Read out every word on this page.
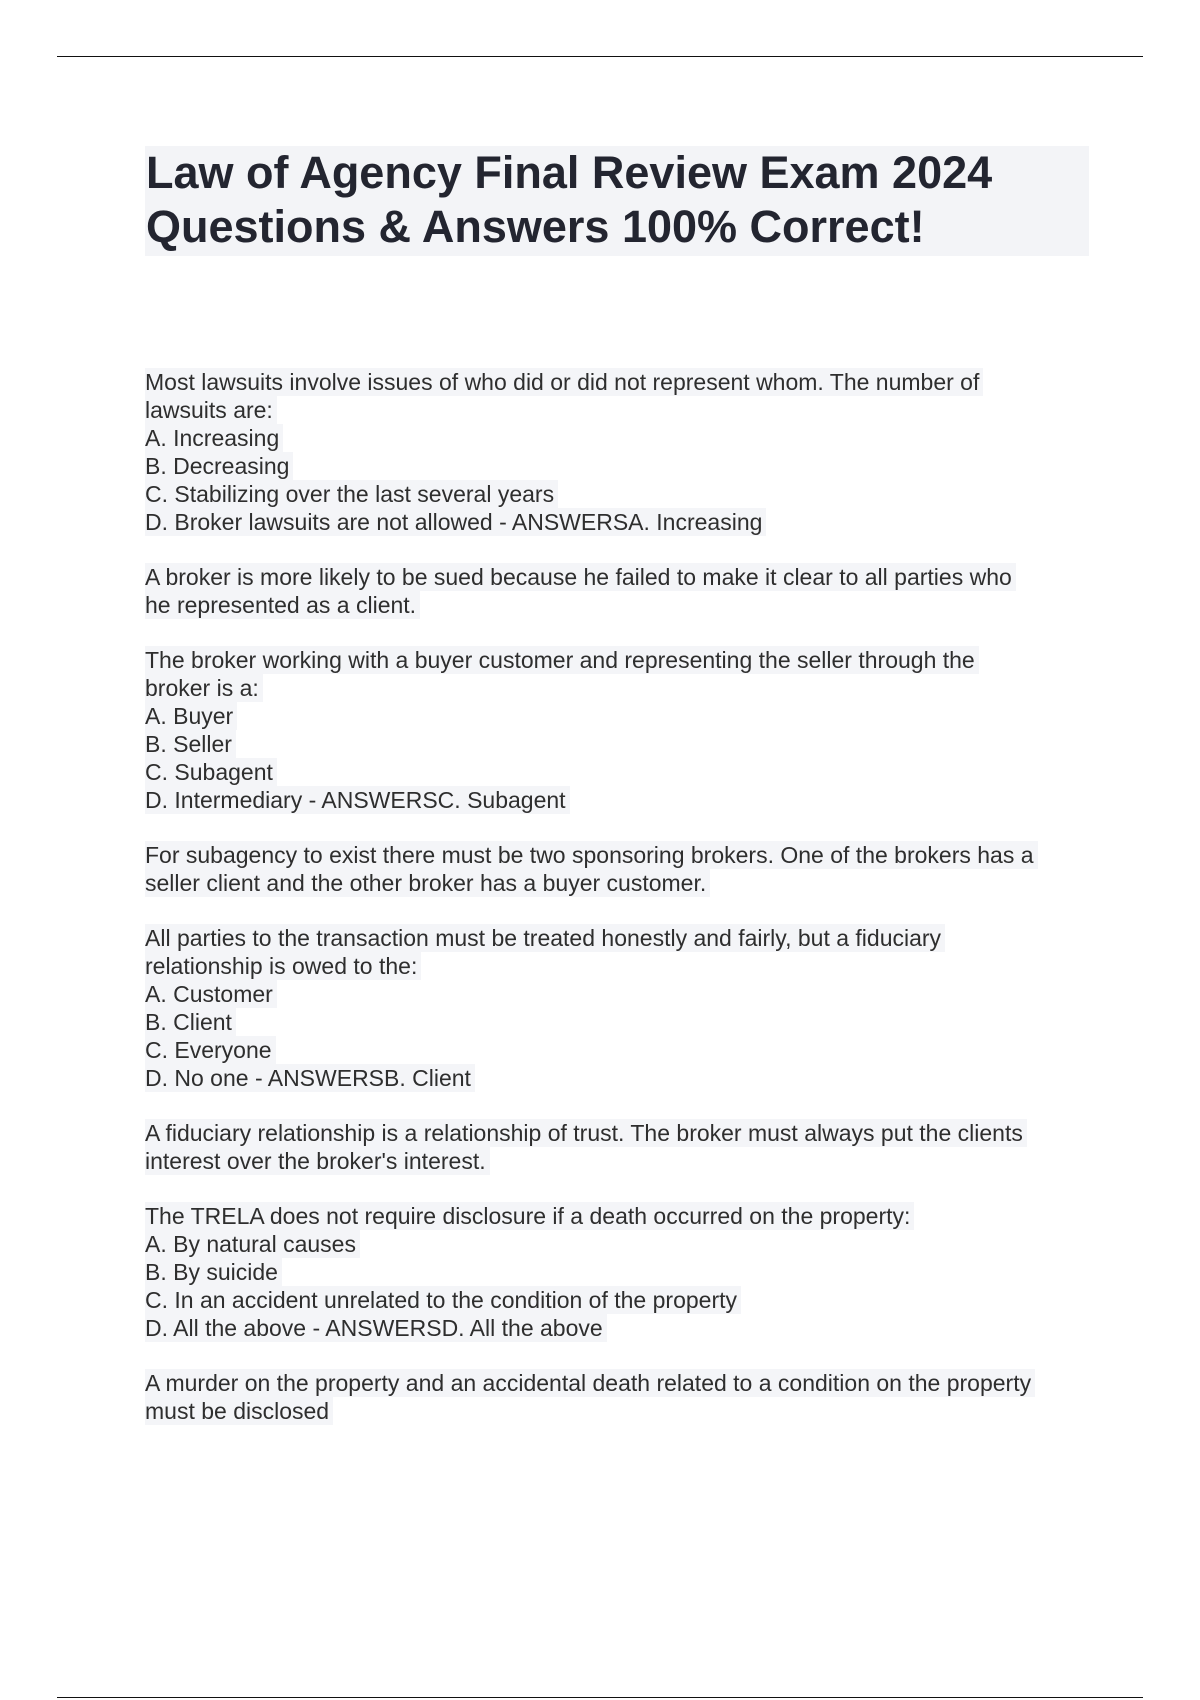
Law of Agency Final Review Exam 2024
Questions & Answers 100% Correct!
Most lawsuits involve issues of who did or did not represent whom. The number of
lawsuits are:
A. Increasing
B. Decreasing
C. Stabilizing over the last several years
D. Broker lawsuits are not allowed - ANSWERSA. Increasing
A broker is more likely to be sued because he failed to make it clear to all parties who
he represented as a client.
The broker working with a buyer customer and representing the seller through the
broker is a:
A. Buyer
B. Seller
C. Subagent
D. Intermediary - ANSWERSC. Subagent
For subagency to exist there must be two sponsoring brokers. One of the brokers has a
seller client and the other broker has a buyer customer.
All parties to the transaction must be treated honestly and fairly, but a fiduciary
relationship is owed to the:
A. Customer
B. Client
C. Everyone
D. No one - ANSWERSB. Client
A fiduciary relationship is a relationship of trust. The broker must always put the clients
interest over the broker's interest.
The TRELA does not require disclosure if a death occurred on the property:
A. By natural causes
B. By suicide
C. In an accident unrelated to the condition of the property
D. All the above - ANSWERSD. All the above
A murder on the property and an accidental death related to a condition on the property
must be disclosed
